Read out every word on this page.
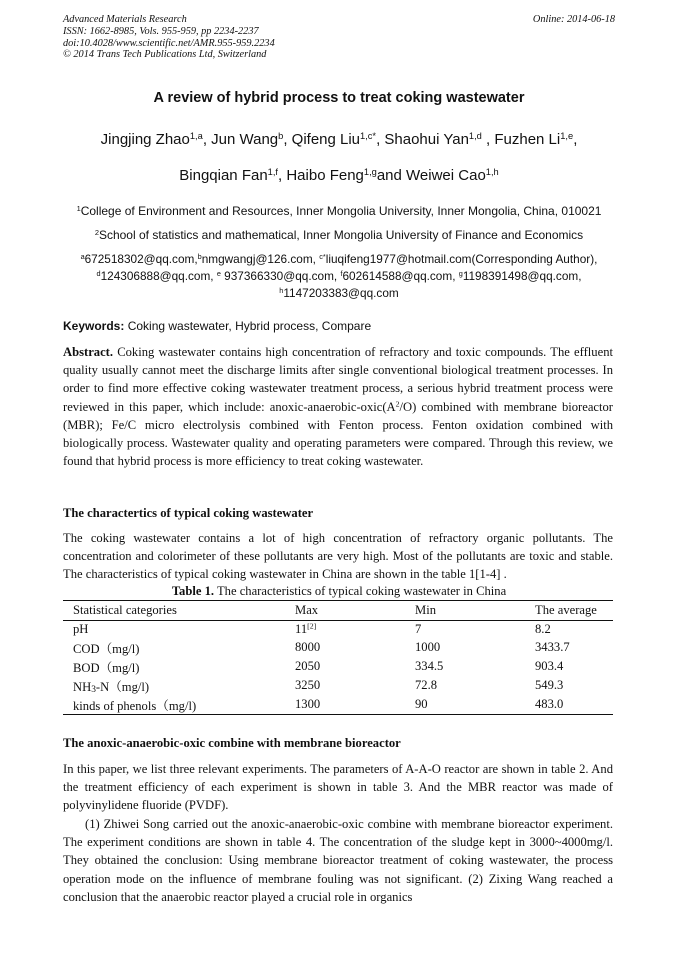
Advanced Materials Research
ISSN: 1662-8985, Vols. 955-959, pp 2234-2237
doi:10.4028/www.scientific.net/AMR.955-959.2234
© 2014 Trans Tech Publications Ltd, Switzerland
Online: 2014-06-18
A review of hybrid process to treat coking wastewater
Jingjing Zhao$^{1,a}$, Jun Wang$^b$, Qifeng Liu$^{1,c*}$, Shaohui Yan$^{1,d}$ , Fuzhen Li$^{1,e}$,
Bingqian Fan$^{1,f}$, Haibo Feng$^{1,g}$and Weiwei Cao$^{1,h}$
$^1$College of Environment and Resources, Inner Mongolia University, Inner Mongolia, China, 010021
$^2$School of statistics and mathematical, Inner Mongolia University of Finance and Economics
$^a$672518302@qq.com,$^b$nmgwangj@126.com, $^{c*}$liuqifeng1977@hotmail.com(Corresponding Author),
$^d$124306888@qq.com, $^e$ 937366330@qq.com, $^f$602614588@qq.com, $^g$1198391498@qq.com,
$^h$1147203383@qq.com
Keywords: Coking wastewater, Hybrid process, Compare
Abstract. Coking wastewater contains high concentration of refractory and toxic compounds. The effluent quality usually cannot meet the discharge limits after single conventional biological treatment processes. In order to find more effective coking wastewater treatment process, a serious hybrid treatment process were reviewed in this paper, which include: anoxic-$anaerobic-oxic(A^2/O)$ combined with membrane bioreactor (MBR); Fe/C micro electrolysis combined with Fenton process. Fenton oxidation combined with biologically process. Wastewater quality and operating parameters were compared. Through this review, we found that hybrid process is more efficiency to treat coking wastewater.
The charactertics of typical coking wastewater
The coking wastewater contains a lot of high concentration of refractory organic pollutants. The concentration and colorimeter of these pollutants are very high. Most of the pollutants are toxic and stable. The characteristics of typical coking wastewater in China are shown in the table 1[1-4] .
Table 1. The characteristics of typical coking wastewater in China
Statistical categories	Max	Min	The average
pH	11[2]	7	8.2
COD（mg/l)	8000	1000	3433.7
BOD（mg/l)	2050	334.5	903.4
NH3-N（mg/l)	3250	72.8	549.3
kinds of phenols（mg/l)	1300	90	483.0
The anoxic-anaerobic-oxic combine with membrane bioreactor
In this paper, we list three relevant experiments. The parameters of A-A-O reactor are shown in table 2. And the treatment efficiency of each experiment is shown in table 3. And the MBR reactor was made of polyvinylidene fluoride (PVDF).
(1) Zhiwei Song carried out the anoxic-anaerobic-oxic combine with membrane bioreactor experiment. The experiment conditions are shown in table 4. The concentration of the sludge kept in 3000~4000mg/l. They obtained the conclusion: Using membrane bioreactor treatment of coking wastewater, the process operation mode on the influence of membrane fouling was not significant. (2) Zixing Wang reached a conclusion that the anaerobic reactor played a crucial role in organics
